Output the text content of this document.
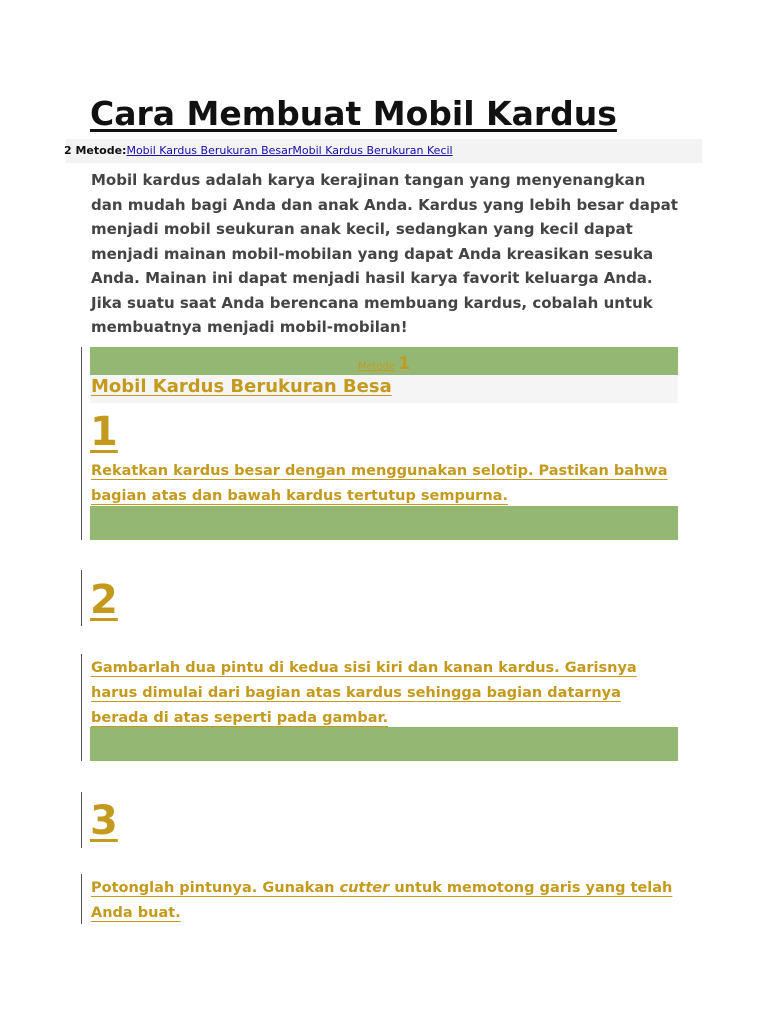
Cara Membuat Mobil Kardus
2 Metode:Mobil Kardus Berukuran BesarMobil Kardus Berukuran Kecil

Mobil kardus adalah karya kerajinan tangan yang menyenangkan dan mudah bagi Anda dan anak Anda. Kardus yang lebih besar dapat menjadi mobil seukuran anak kecil, sedangkan yang kecil dapat menjadi mainan mobil-mobilan yang dapat Anda kreasikan sesuka Anda. Mainan ini dapat menjadi hasil karya favorit keluarga Anda. Jika suatu saat Anda berencana membuang kardus, cobalah untuk membuatnya menjadi mobil-mobilan!

Metode 1
Mobil Kardus Berukuran Besa
1

Rekatkan kardus besar dengan menggunakan selotip. Pastikan bahwa bagian atas dan bawah kardus tertutup sempurna.

1.
2

Gambarlah dua pintu di kedua sisi kiri dan kanan kardus. Garisnya harus dimulai dari bagian atas kardus sehingga bagian datarnya berada di atas seperti pada gambar.

2.
3

Potonglah pintunya. Gunakan cutter untuk memotong garis yang telah Anda buat.
